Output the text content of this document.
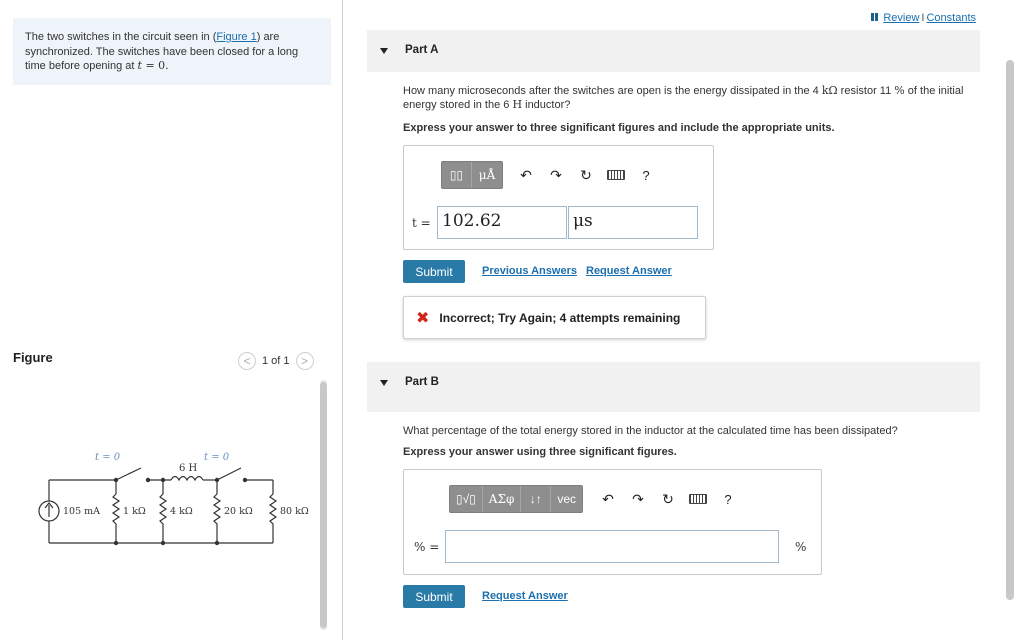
The two switches in the circuit seen in (Figure 1) are synchronized. The switches have been closed for a long time before opening at t = 0.
Figure	<	1 of 1 >
t = 0	t = 0
6 H
105 mA 1 kΩ	4 kΩ	20 kΩ	80 kΩ
Review I Constants
Part A
How many microseconds after the switches are open is the energy dissipated in the 4 kΩ resistor 11 % of the initial energy stored in the 6 H inductor?
Express your answer to three significant figures and include the appropriate units.
▯▯	μÅ	↶	↷	↻	?
t = 102.62	μs
Submit	Previous Answers Request Answer
✖ Incorrect; Try Again; 4 attempts remaining
Part B
What percentage of the total energy stored in the inductor at the calculated time has been dissipated?
Express your answer using three significant figures.
▯√▯	ΑΣφ	↓↑	vec	↶	↷	↻	?
% =	%
Submit	Request Answer
